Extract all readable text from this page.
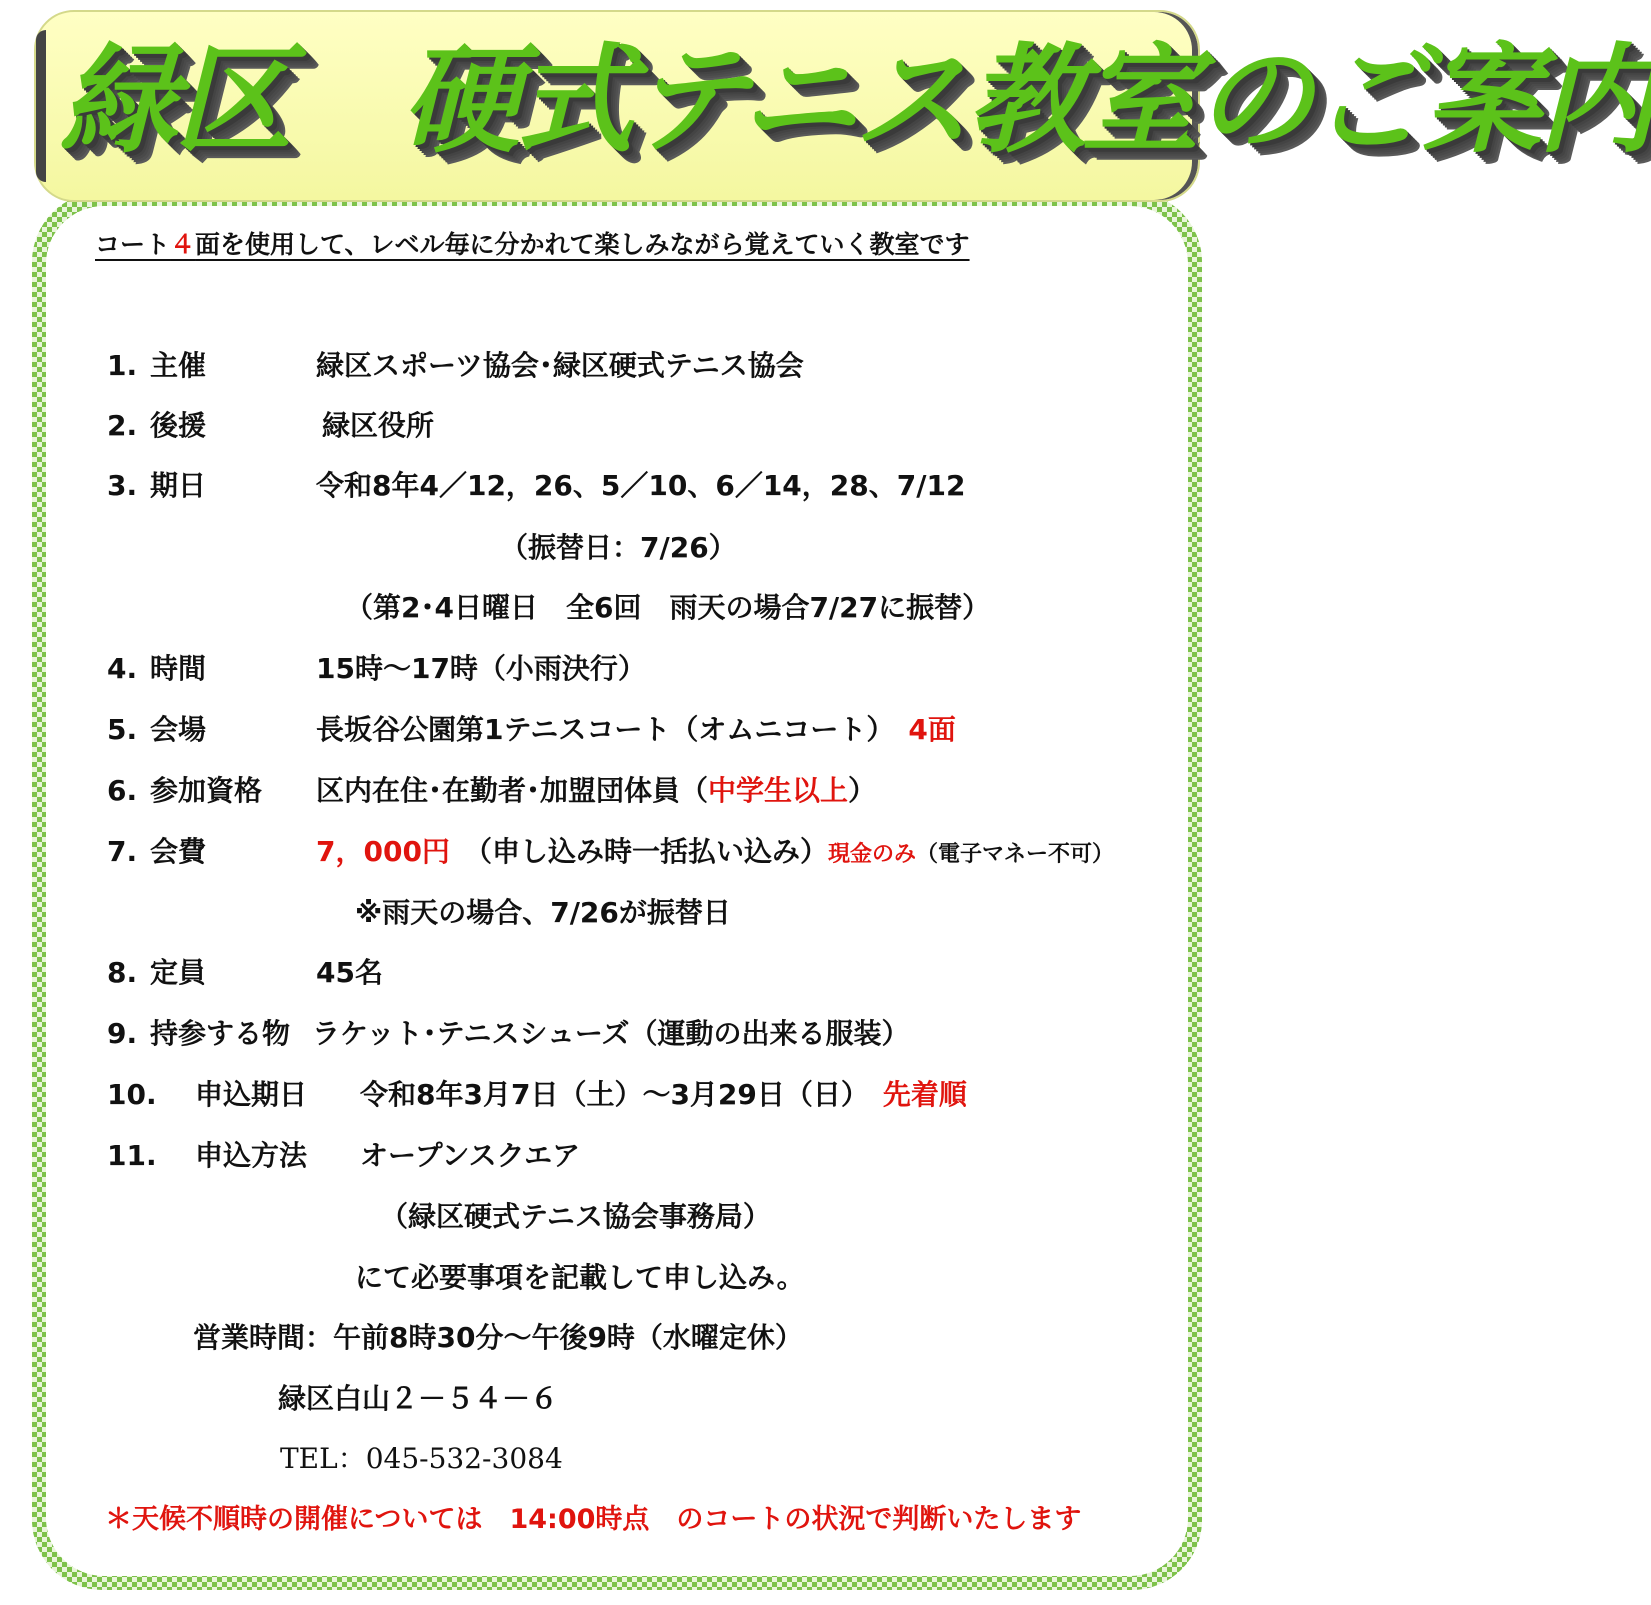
緑区　硬式テニス教室のご案内
コート４面を使用して、レベル毎に分かれて楽しみながら覚えていく教室です
1. 主催	緑区スポーツ協会･緑区硬式テニス協会
2. 後援	緑区役所
3. 期日	令和8年4／12，26、5／10、6／14，28、7/12
（振替日：7/26）
（第2･4日曜日　全6回　雨天の場合7/27に振替）
4. 時間	15時～17時（小雨決行）
5. 会場	長坂谷公園第1テニスコート（オムニコート）　 4面
6. 参加資格 区内在住･在勤者･加盟団体員（中学生以上）
7. 会費	7，000円　 （申し込み時一括払い込み）現金のみ（電子マネー不可）
※雨天の場合、7/26が振替日
8. 定員	45名
9. 持参する物 ラケット･テニスシューズ（運動の出来る服装）
10. 申込期日 令和8年3月7日（土）～3月29日（日）　 先着順
11. 申込方法 オープンスクエア
（緑区硬式テニス協会事務局）
にて必要事項を記載して申し込み。
営業時間：午前8時30分～午後9時（水曜定休）
緑区白山２－５４－６
TEL：045-532-3084
＊天候不順時の開催については　14:00時点　のコートの状況で判断いたします
